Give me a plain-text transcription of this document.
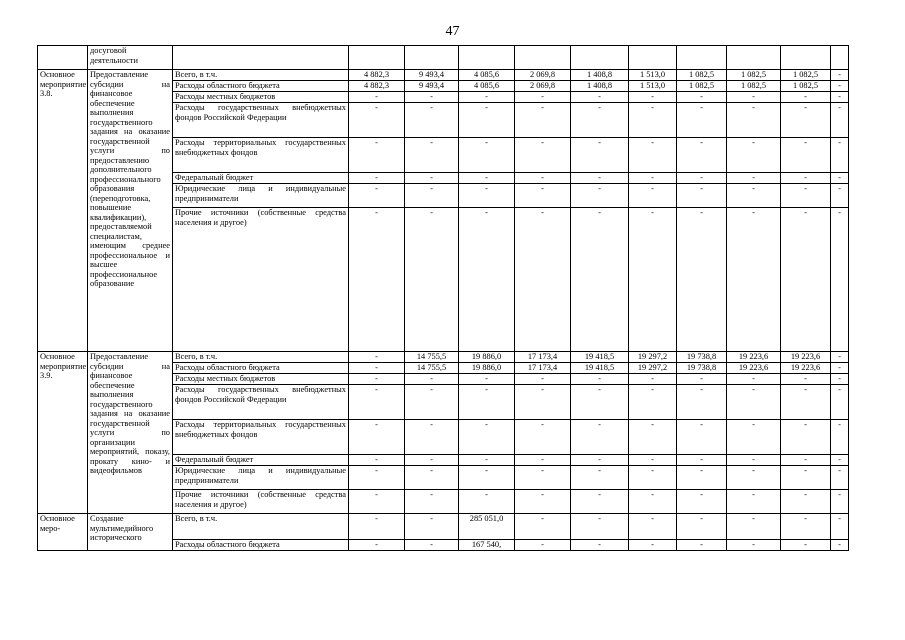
47
	досуговой деятельности											
Основное мероприятие 3.8.	Предоставление субсидии на финансовое обеспечение выполнения государственного задания на оказание государственной услуги по предоставлению дополнительного профессионального образования (переподготовка, повышение квалификации), предоставляемой специалистам, имеющим среднее профессиональное и высшее профессиональное образование	Всего, в т.ч.	4 882,3	9 493,4	4 085,6	2 069,8	1 408,8	1 513,0	1 082,5	1 082,5	1 082,5	-
		Расходы областного бюджета	4 882,3	9 493,4	4 085,6	2 069,8	1 408,8	1 513,0	1 082,5	1 082,5	1 082,5	-
		Расходы местных бюджетов	-	-	-	-	-	-	-	-	-	-
		Расходы государственных внебюджетных фондов Российской Федерации	-	-	-	-	-	-	-	-	-	-
		Расходы территориальных государственных внебюджетных фондов	-	-	-	-	-	-	-	-	-	-
		Федеральный бюджет	-	-	-	-	-	-	-	-	-	-
		Юридические лица и индивидуальные предприниматели	-	-	-	-	-	-	-	-	-	-
		Прочие источники (собственные средства населения и другое)	-	-	-	-	-	-	-	-	-	-
Основное мероприятие 3.9.	Предоставление субсидии на финансовое обеспечение выполнения государственного задания на оказание государственной услуги по организации мероприятий, показу, прокату кино- и видеофильмов	Всего, в т.ч.	-	14 755,5	19 886,0	17 173,4	19 418,5	19 297,2	19 738,8	19 223,6	19 223,6	-
		Расходы областного бюджета	-	14 755,5	19 886,0	17 173,4	19 418,5	19 297,2	19 738,8	19 223,6	19 223,6	-
		Расходы местных бюджетов	-	-	-	-	-	-	-	-	-	-
		Расходы государственных внебюджетных фондов Российской Федерации	-	-	-	-	-	-	-	-	-	-
		Расходы территориальных государственных внебюджетных фондов	-	-	-	-	-	-	-	-	-	-
		Федеральный бюджет	-	-	-	-	-	-	-	-	-	-
		Юридические лица и индивидуальные предприниматели	-	-	-	-	-	-	-	-	-	-
		Прочие источники (собственные средства населения и другое)	-	-	-	-	-	-	-	-	-	-
Основное меро-	Создание мультимедийного исторического	Всего, в т.ч.	-	-	285 051,0	-	-	-	-	-	-	-
		Расходы областного бюджета	-	-	167 540,	-	-	-	-	-	-	-
